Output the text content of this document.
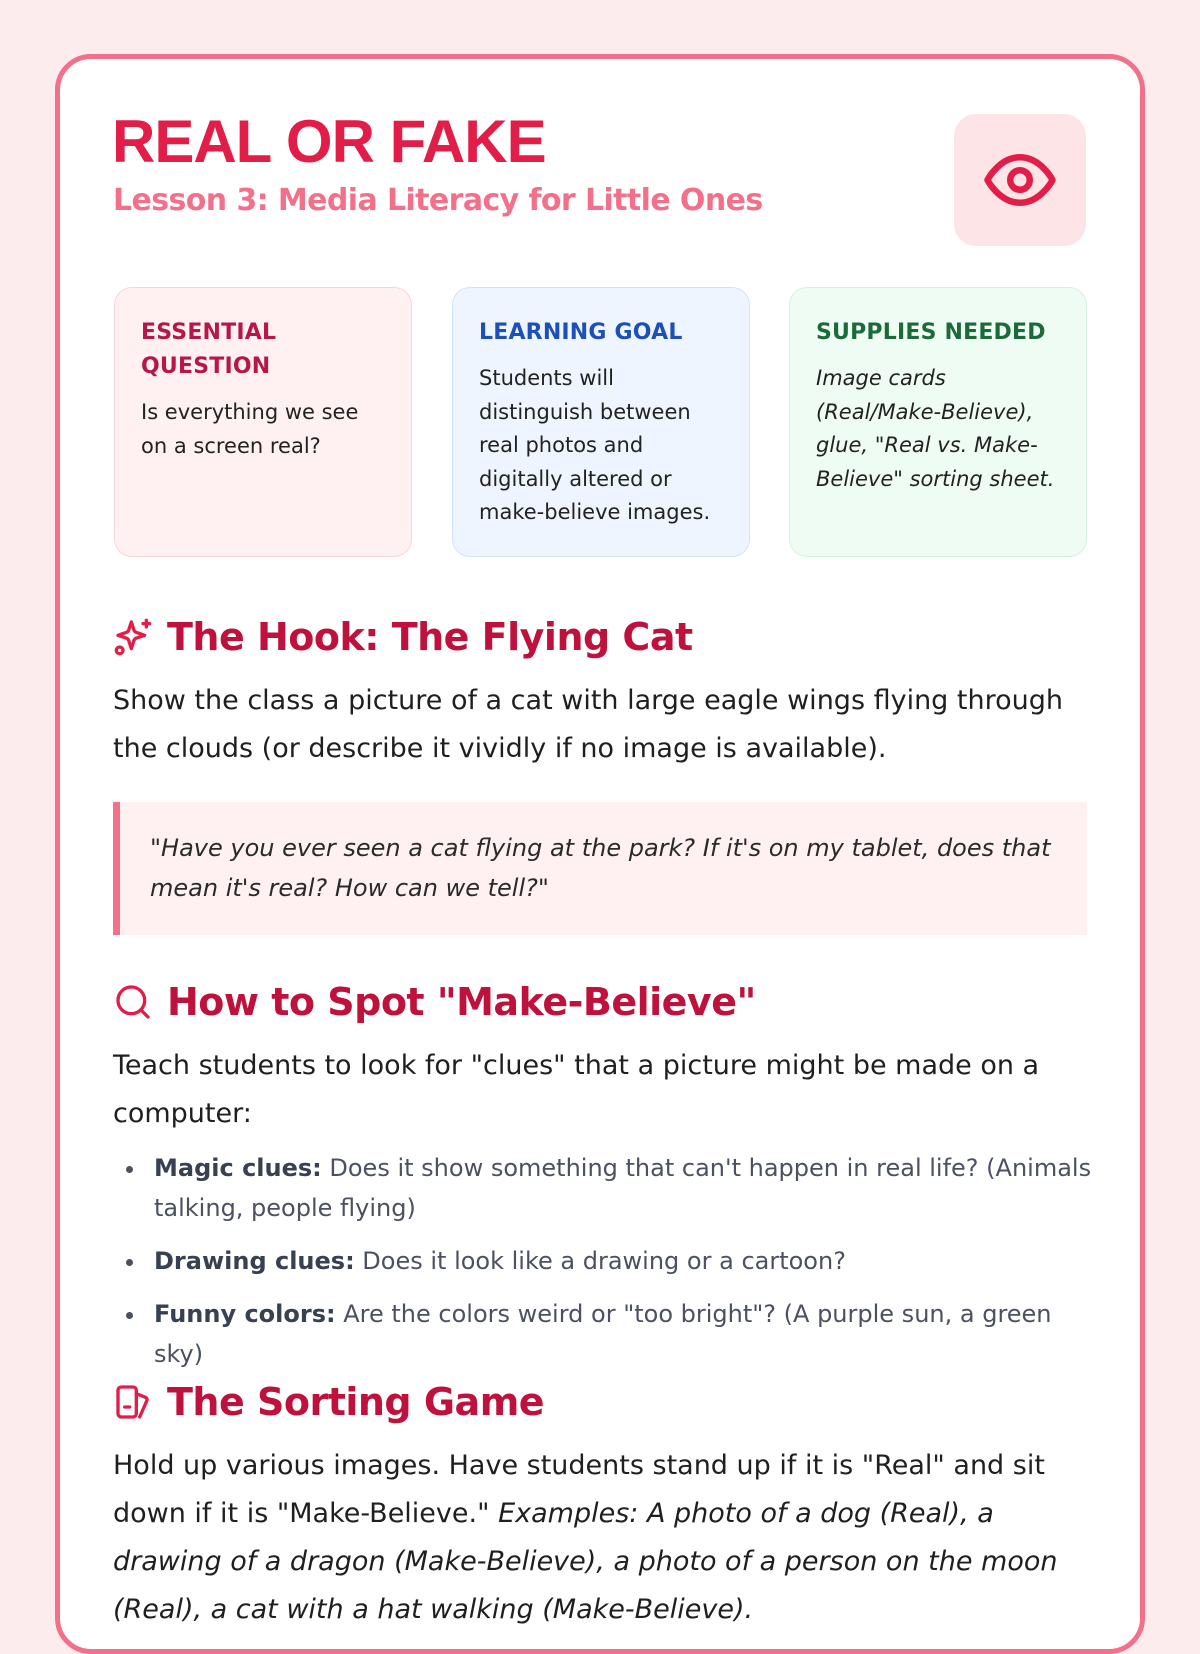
REAL OR FAKE
Lesson 3: Media Literacy for Little Ones
ESSENTIAL QUESTION
Is everything we see on a screen real?
LEARNING GOAL
Students will distinguish between real photos and digitally altered or make-believe images.
SUPPLIES NEEDED
Image cards (Real/Make-Believe), glue, "Real vs. Make-Believe" sorting sheet.
The Hook: The Flying Cat

Show the class a picture of a cat with large eagle wings flying through the clouds (or describe it vividly if no image is available).

"Have you ever seen a cat flying at the park? If it's on my tablet, does that mean it's real? How can we tell?"
How to Spot "Make-Believe"

Teach students to look for "clues" that a picture might be made on a computer:

Magic clues: Does it show something that can't happen in real life? (Animals talking, people flying)
Drawing clues: Does it look like a drawing or a cartoon?
Funny colors: Are the colors weird or "too bright"? (A purple sun, a green sky)
The Sorting Game

Hold up various images. Have students stand up if it is "Real" and sit down if it is "Make-Believe." Examples: A photo of a dog (Real), a drawing of a dragon (Make-Believe), a photo of a person on the moon (Real), a cat with a hat walking (Make-Believe).
